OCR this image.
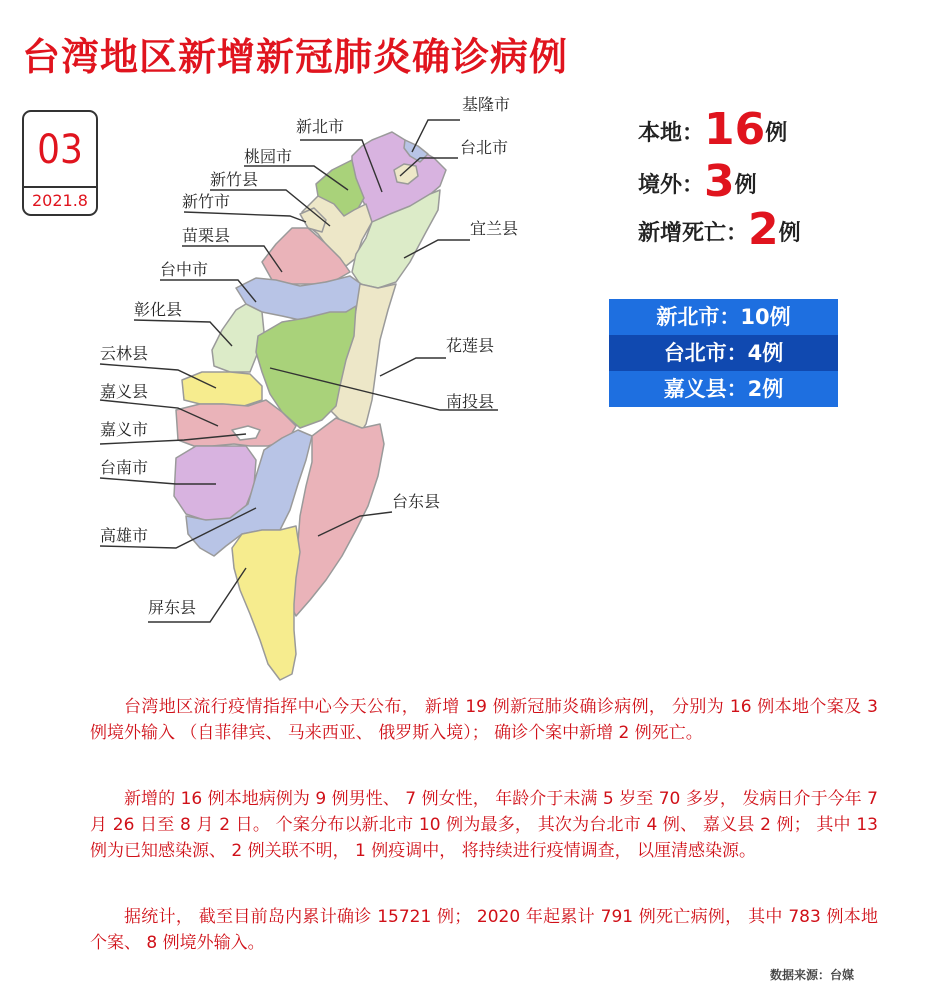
台湾地区新增新冠肺炎确诊病例
03
2021.8
基隆市
新北市
台北市
桃园市
新竹县
新竹市
宜兰县
苗栗县
台中市
彰化县
花莲县
云林县
南投县
嘉义县
嘉义市
台南市
台东县
高雄市
屏东县
本地：16例
境外：3例
新增死亡：2例
新北市：10例
台北市：4例
嘉义县：2例

台湾地区流行疫情指挥中心今天公布， 新增 19 例新冠肺炎确诊病例， 分别为 16 例本地个案及 3 例境外输入 （自菲律宾、 马来西亚、 俄罗斯入境）； 确诊个案中新增 2 例死亡。

新增的 16 例本地病例为 9 例男性、 7 例女性， 年龄介于未满 5 岁至 70 多岁， 发病日介于今年 7 月 26 日至 8 月 2 日。 个案分布以新北市 10 例为最多， 其次为台北市 4 例、 嘉义县 2 例； 其中 13 例为已知感染源、 2 例关联不明， 1 例疫调中， 将持续进行疫情调查， 以厘清感染源。

据统计， 截至目前岛内累计确诊 15721 例； 2020 年起累计 791 例死亡病例， 其中 783 例本地个案、 8 例境外输入。

数据来源：台媒
